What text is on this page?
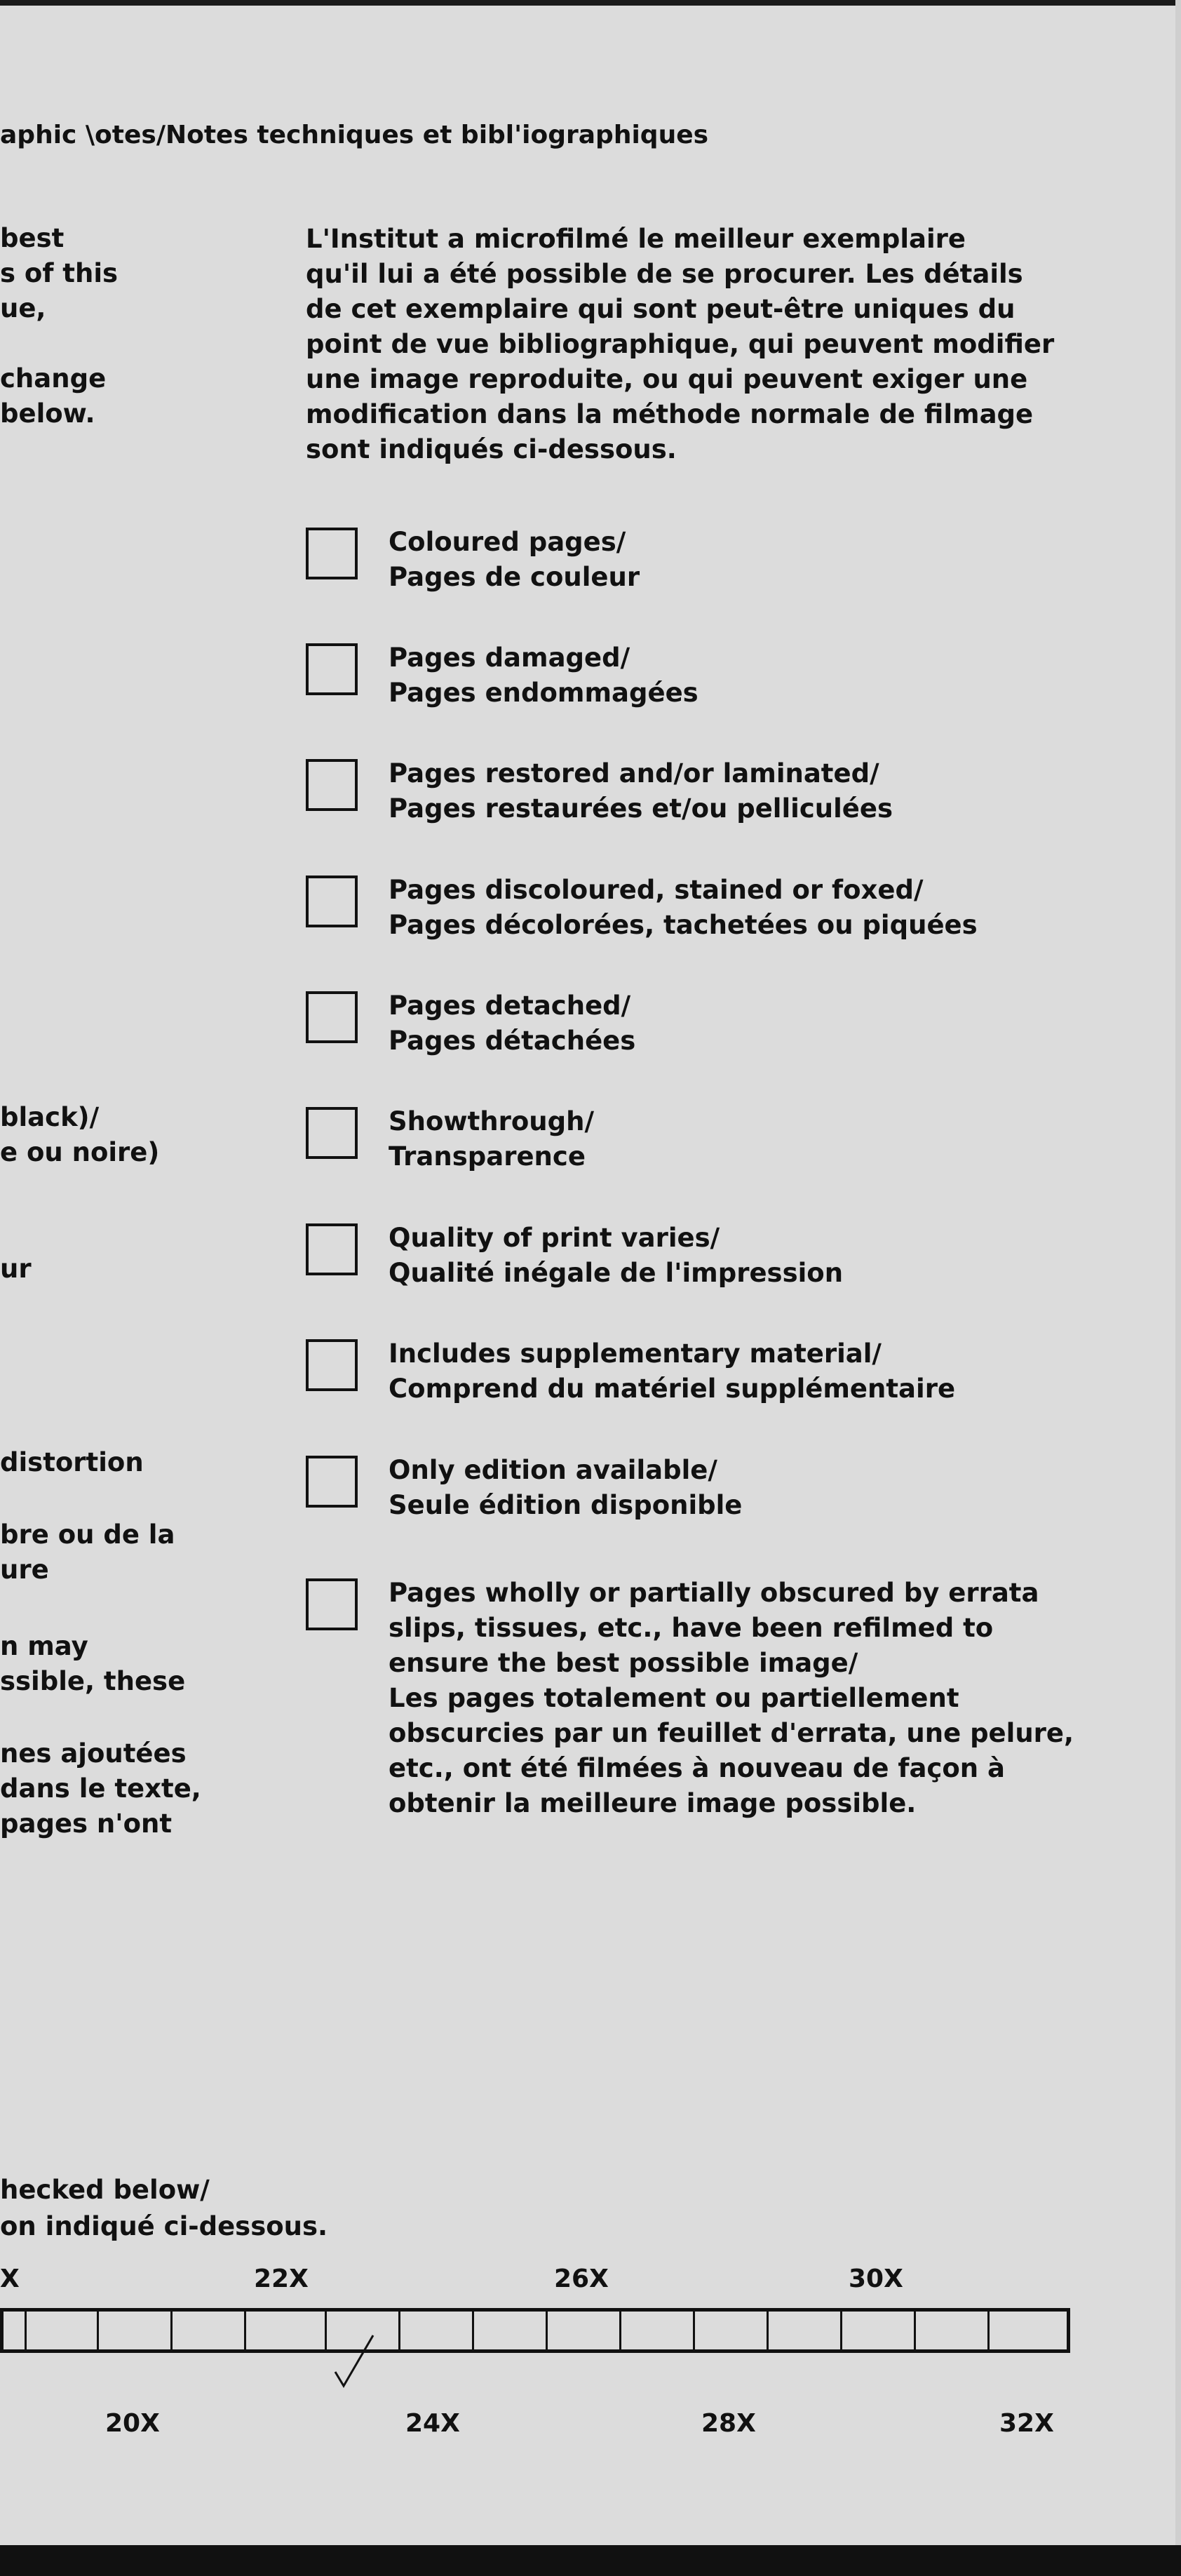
aphic \otes/Notes techniques et bibl'iographiques
best
s of this
ue,
change
below.
black)/
e ou noire)
ur
distortion
bre ou de la
ure
n may
ssible, these
nes ajoutées
dans le texte,
pages n'ont
L'Institut a microfilmé le meilleur exemplaire
qu'il lui a été possible de se procurer. Les détails
de cet exemplaire qui sont peut-être uniques du
point de vue bibliographique, qui peuvent modifier
une image reproduite, ou qui peuvent exiger une
modification dans la méthode normale de filmage
sont indiqués ci-dessous.
Coloured pages/
Pages de couleur
Pages damaged/
Pages endommagées
Pages restored and/or laminated/
Pages restaurées et/ou pelliculées
Pages discoloured, stained or foxed/
Pages décolorées, tachetées ou piquées
Pages detached/
Pages détachées
Showthrough/
Transparence
Quality of print varies/
Qualité inégale de l'impression
Includes supplementary material/
Comprend du matériel supplémentaire
Only edition available/
Seule édition disponible
Pages wholly or partially obscured by errata
slips, tissues, etc., have been refilmed to
ensure the best possible image/
Les pages totalement ou partiellement
obscurcies par un feuillet d'errata, une pelure,
etc., ont été filmées à nouveau de façon à
obtenir la meilleure image possible.
hecked below/
on indiqué ci-dessous.
X	22X	26X	30X
20X	24X	28X	32X
